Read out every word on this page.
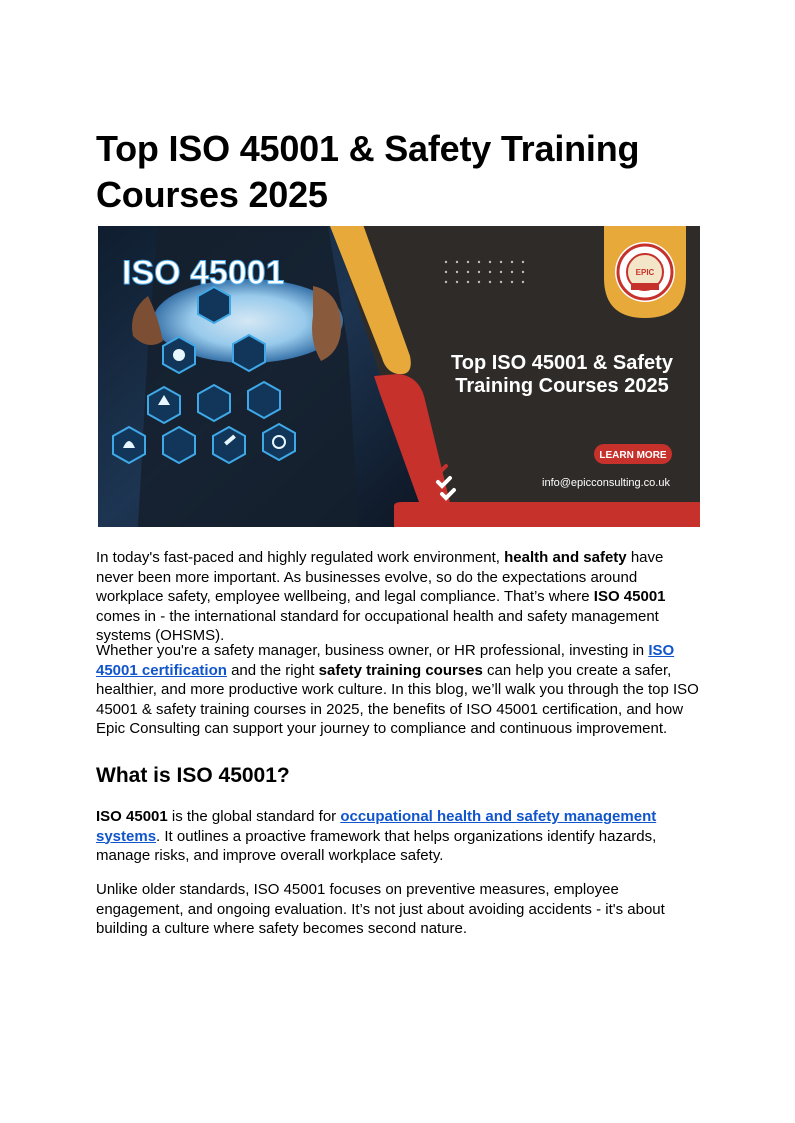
Top ISO 45001 & Safety Training Courses 2025
ISO 45001	EPIC
Top ISO 45001 & Safety
Training Courses 2025
LEARN MORE
info@epicconsulting.co.uk

In today's fast-paced and highly regulated work environment, health and safety have never been more important. As businesses evolve, so do the expectations around workplace safety, employee wellbeing, and legal compliance. That’s where ISO 45001 comes in - the international standard for occupational health and safety management systems (OHSMS).

Whether you're a safety manager, business owner, or HR professional, investing in ISO 45001 certification and the right safety training courses can help you create a safer, healthier, and more productive work culture. In this blog, we’ll walk you through the top ISO 45001 & safety training courses in 2025, the benefits of ISO 45001 certification, and how Epic Consulting can support your journey to compliance and continuous improvement.

What is ISO 45001?

ISO 45001 is the global standard for occupational health and safety management systems. It outlines a proactive framework that helps organizations identify hazards, manage risks, and improve overall workplace safety.

Unlike older standards, ISO 45001 focuses on preventive measures, employee engagement, and ongoing evaluation. It’s not just about avoiding accidents - it's about building a culture where safety becomes second nature.
